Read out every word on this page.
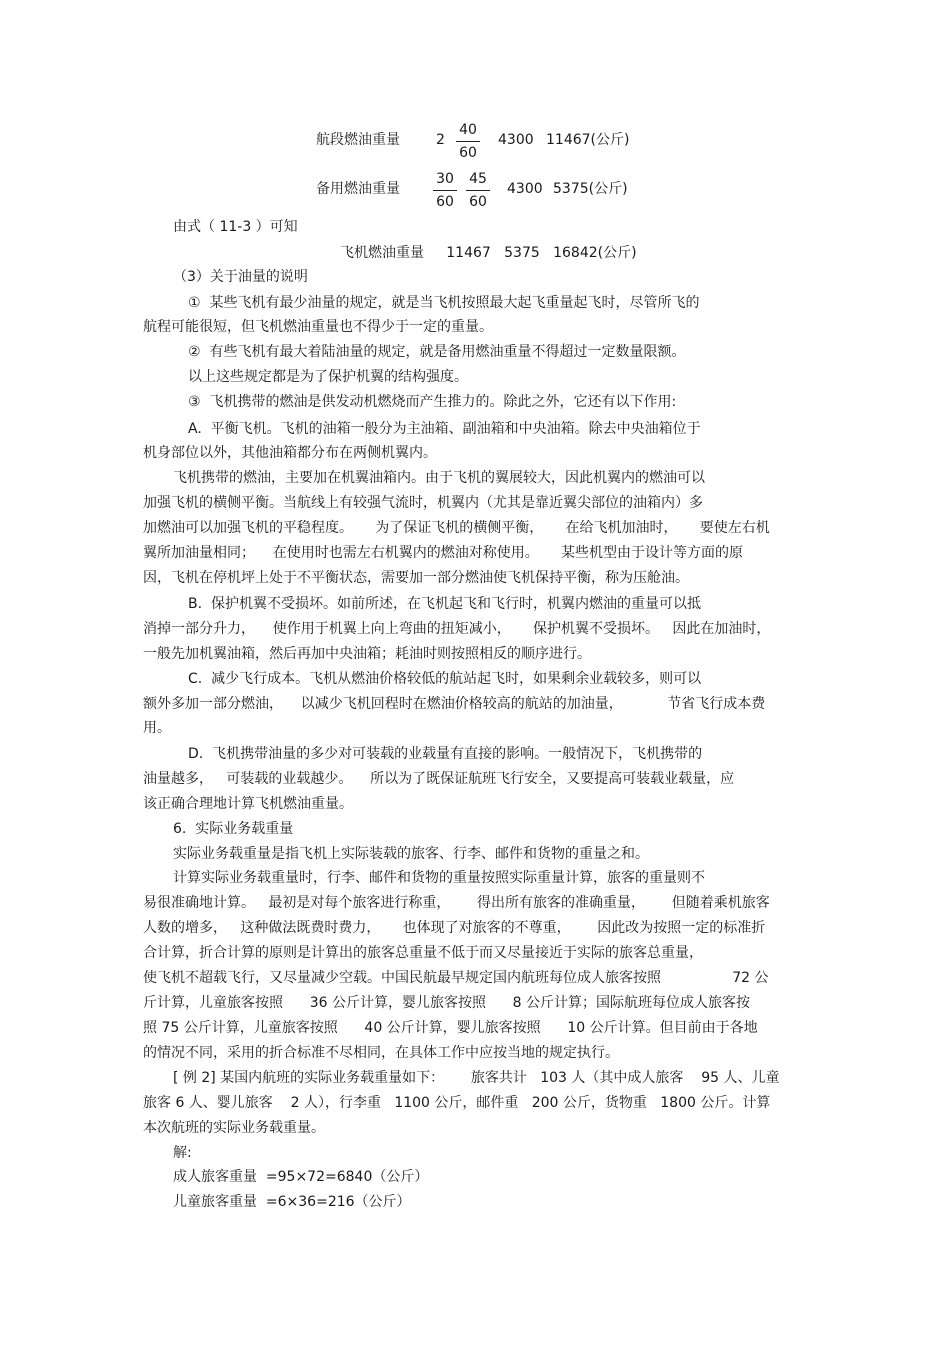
航段燃油重量	2
40
60
4300 11467(公斤)
备用燃油重量
30
60
45
60
4300 5375(公斤)
由式（ 11-3 ）可知
飞机燃油重量     11467   5375   16842(公斤)
（3）关于油量的说明
①  某些飞机有最少油量的规定，就是当飞机按照最大起飞重量起飞时，尽管所飞的
航程可能很短，但飞机燃油重量也不得少于一定的重量。
②  有些飞机有最大着陆油量的规定，就是备用燃油重量不得超过一定数量限额。
以上这些规定都是为了保护机翼的结构强度。
③  飞机携带的燃油是供发动机燃烧而产生推力的。除此之外，它还有以下作用:
A.  平衡飞机。飞机的油箱一般分为主油箱、副油箱和中央油箱。除去中央油箱位于
机身部位以外，其他油箱都分布在两侧机翼内。
飞机携带的燃油，主要加在机翼油箱内。由于飞机的翼展较大，因此机翼内的燃油可以
加强飞机的横侧平衡。当航线上有较强气流时，机翼内（尤其是靠近翼尖部位的油箱内）多
加燃油可以加强飞机的平稳程度。     为了保证飞机的横侧平衡，     在给飞机加油时，     要使左右机
翼所加油量相同；    在使用时也需左右机翼内的燃油对称使用。     某些机型由于设计等方面的原
因，飞机在停机坪上处于不平衡状态，需要加一部分燃油使飞机保持平衡，称为压舱油。
B.  保护机翼不受损坏。如前所述，在飞机起飞和飞行时，机翼内燃油的重量可以抵
消掉一部分升力，    使作用于机翼上向上弯曲的扭矩减小，     保护机翼不受损坏。   因此在加油时，
一般先加机翼油箱，然后再加中央油箱；耗油时则按照相反的顺序进行。
C.  减少飞行成本。飞机从燃油价格较低的航站起飞时，如果剩余业载较多，则可以
额外多加一部分燃油，    以减少飞机回程时在燃油价格较高的航站的加油量，          节省飞行成本费
用。
D.  飞机携带油量的多少对可装载的业载量有直接的影响。一般情况下，飞机携带的
油量越多，   可装载的业载越少。    所以为了既保证航班飞行安全，又要提高可装载业载量，应
该正确合理地计算飞机燃油重量。
6.  实际业务载重量
实际业务载重量是指飞机上实际装载的旅客、行李、邮件和货物的重量之和。
计算实际业务载重量时，行李、邮件和货物的重量按照实际重量计算，旅客的重量则不
易很准确地计算。   最初是对每个旅客进行称重，      得出所有旅客的准确重量，      但随着乘机旅客
人数的增多，   这种做法既费时费力，     也体现了对旅客的不尊重，      因此改为按照一定的标准折
合计算，折合计算的原则是计算出的旅客总重量不低于而又尽量接近于实际的旅客总重量，
使飞机不超载飞行，又尽量减少空载。中国民航最早规定国内航班每位成人旅客按照                72 公
斤计算，儿童旅客按照      36 公斤计算，婴儿旅客按照      8 公斤计算；国际航班每位成人旅客按
照 75 公斤计算，儿童旅客按照      40 公斤计算，婴儿旅客按照      10 公斤计算。但目前由于各地
的情况不同，采用的折合标准不尽相同，在具体工作中应按当地的规定执行。
[ 例 2] 某国内航班的实际业务载重量如下：      旅客共计   103 人（其中成人旅客    95 人、儿童
旅客 6 人、婴儿旅客    2 人），行李重   1100 公斤，邮件重   200 公斤，货物重   1800 公斤。计算
本次航班的实际业务载重量。
解:
成人旅客重量  =95×72=6840（公斤）
儿童旅客重量  =6×36=216（公斤）
